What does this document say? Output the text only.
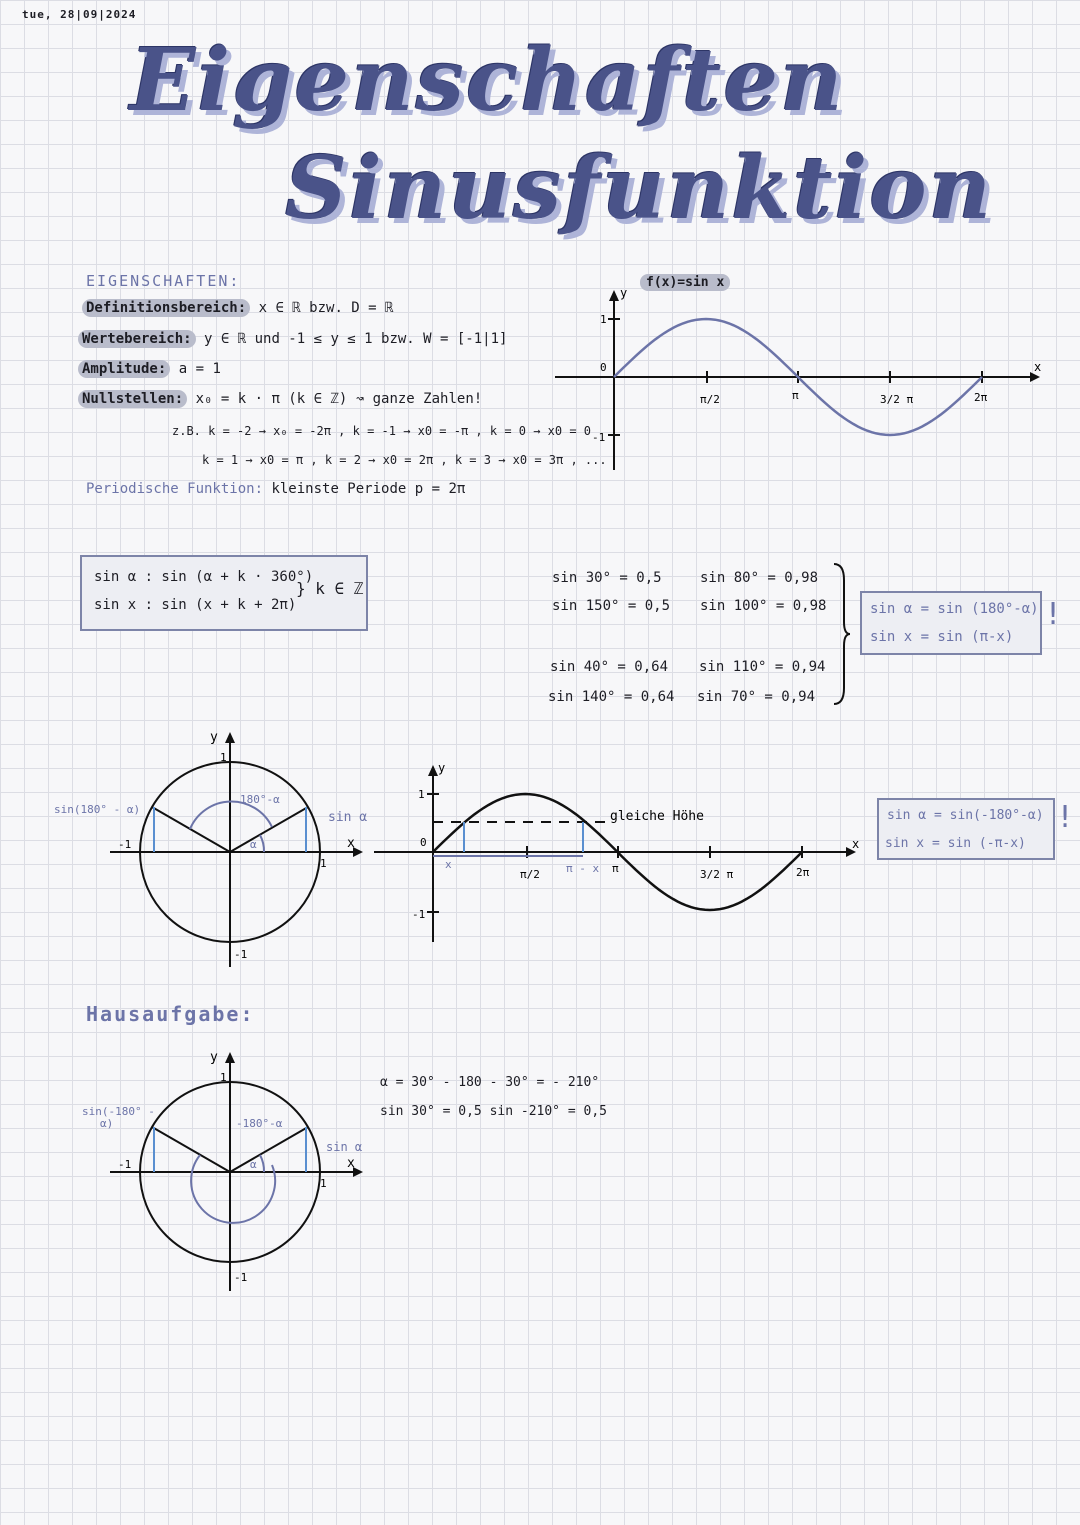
tue, 28|09|2024
Eigenschaften
Sinusfunktion
EIGENSCHAFTEN:
Definitionsbereich: x ∈ ℝ bzw. D = ℝ
Wertebereich: y ∈ ℝ und -1 ≤ y ≤ 1 bzw. W = [-1|1]
Amplitude: a = 1
Nullstellen: x₀ = k · π (k ∈ ℤ) ↝ ganze Zahlen!
z.B. k = -2 → x₀ = -2π , k = -1 → x0 = -π , k = 0 → x0 = 0
k = 1 → x0 = π , k = 2 → x0 = 2π , k = 3 → x0 = 3π , ...
Periodische Funktion: kleinste Periode p = 2π
f(x)=sin x
y
x
1
0
-1
π/2	π	3/2 π	2π
sin α : sin (α + k · 360°)
sin x : sin (x + k + 2π)
} k ∈ ℤ
sin 30° = 0,5	sin 80° = 0,98
sin 150° = 0,5 sin 100° = 0,98
sin 40° = 0,64 sin 110° = 0,94
sin 140° = 0,64 sin 70° = 0,94
sin α = sin (180°-α)
sin x = sin (π-x)
!
y
x
1
1
-1
-1
sin(180° - α)
180°-α
α
sin α
y
x
1
0
-1
gleiche Höhe
x
π/2 π - x π	3/2 π	2π
sin α = sin(-180°-α)
sin x = sin (-π-x)
!
Hausaufgabe:
α = 30° - 180 - 30° = - 210°
sin 30° = 0,5 sin -210° = 0,5
y
x
1
1
-1
-1
sin(-180° -
α)	-180°-α
α
sin α
